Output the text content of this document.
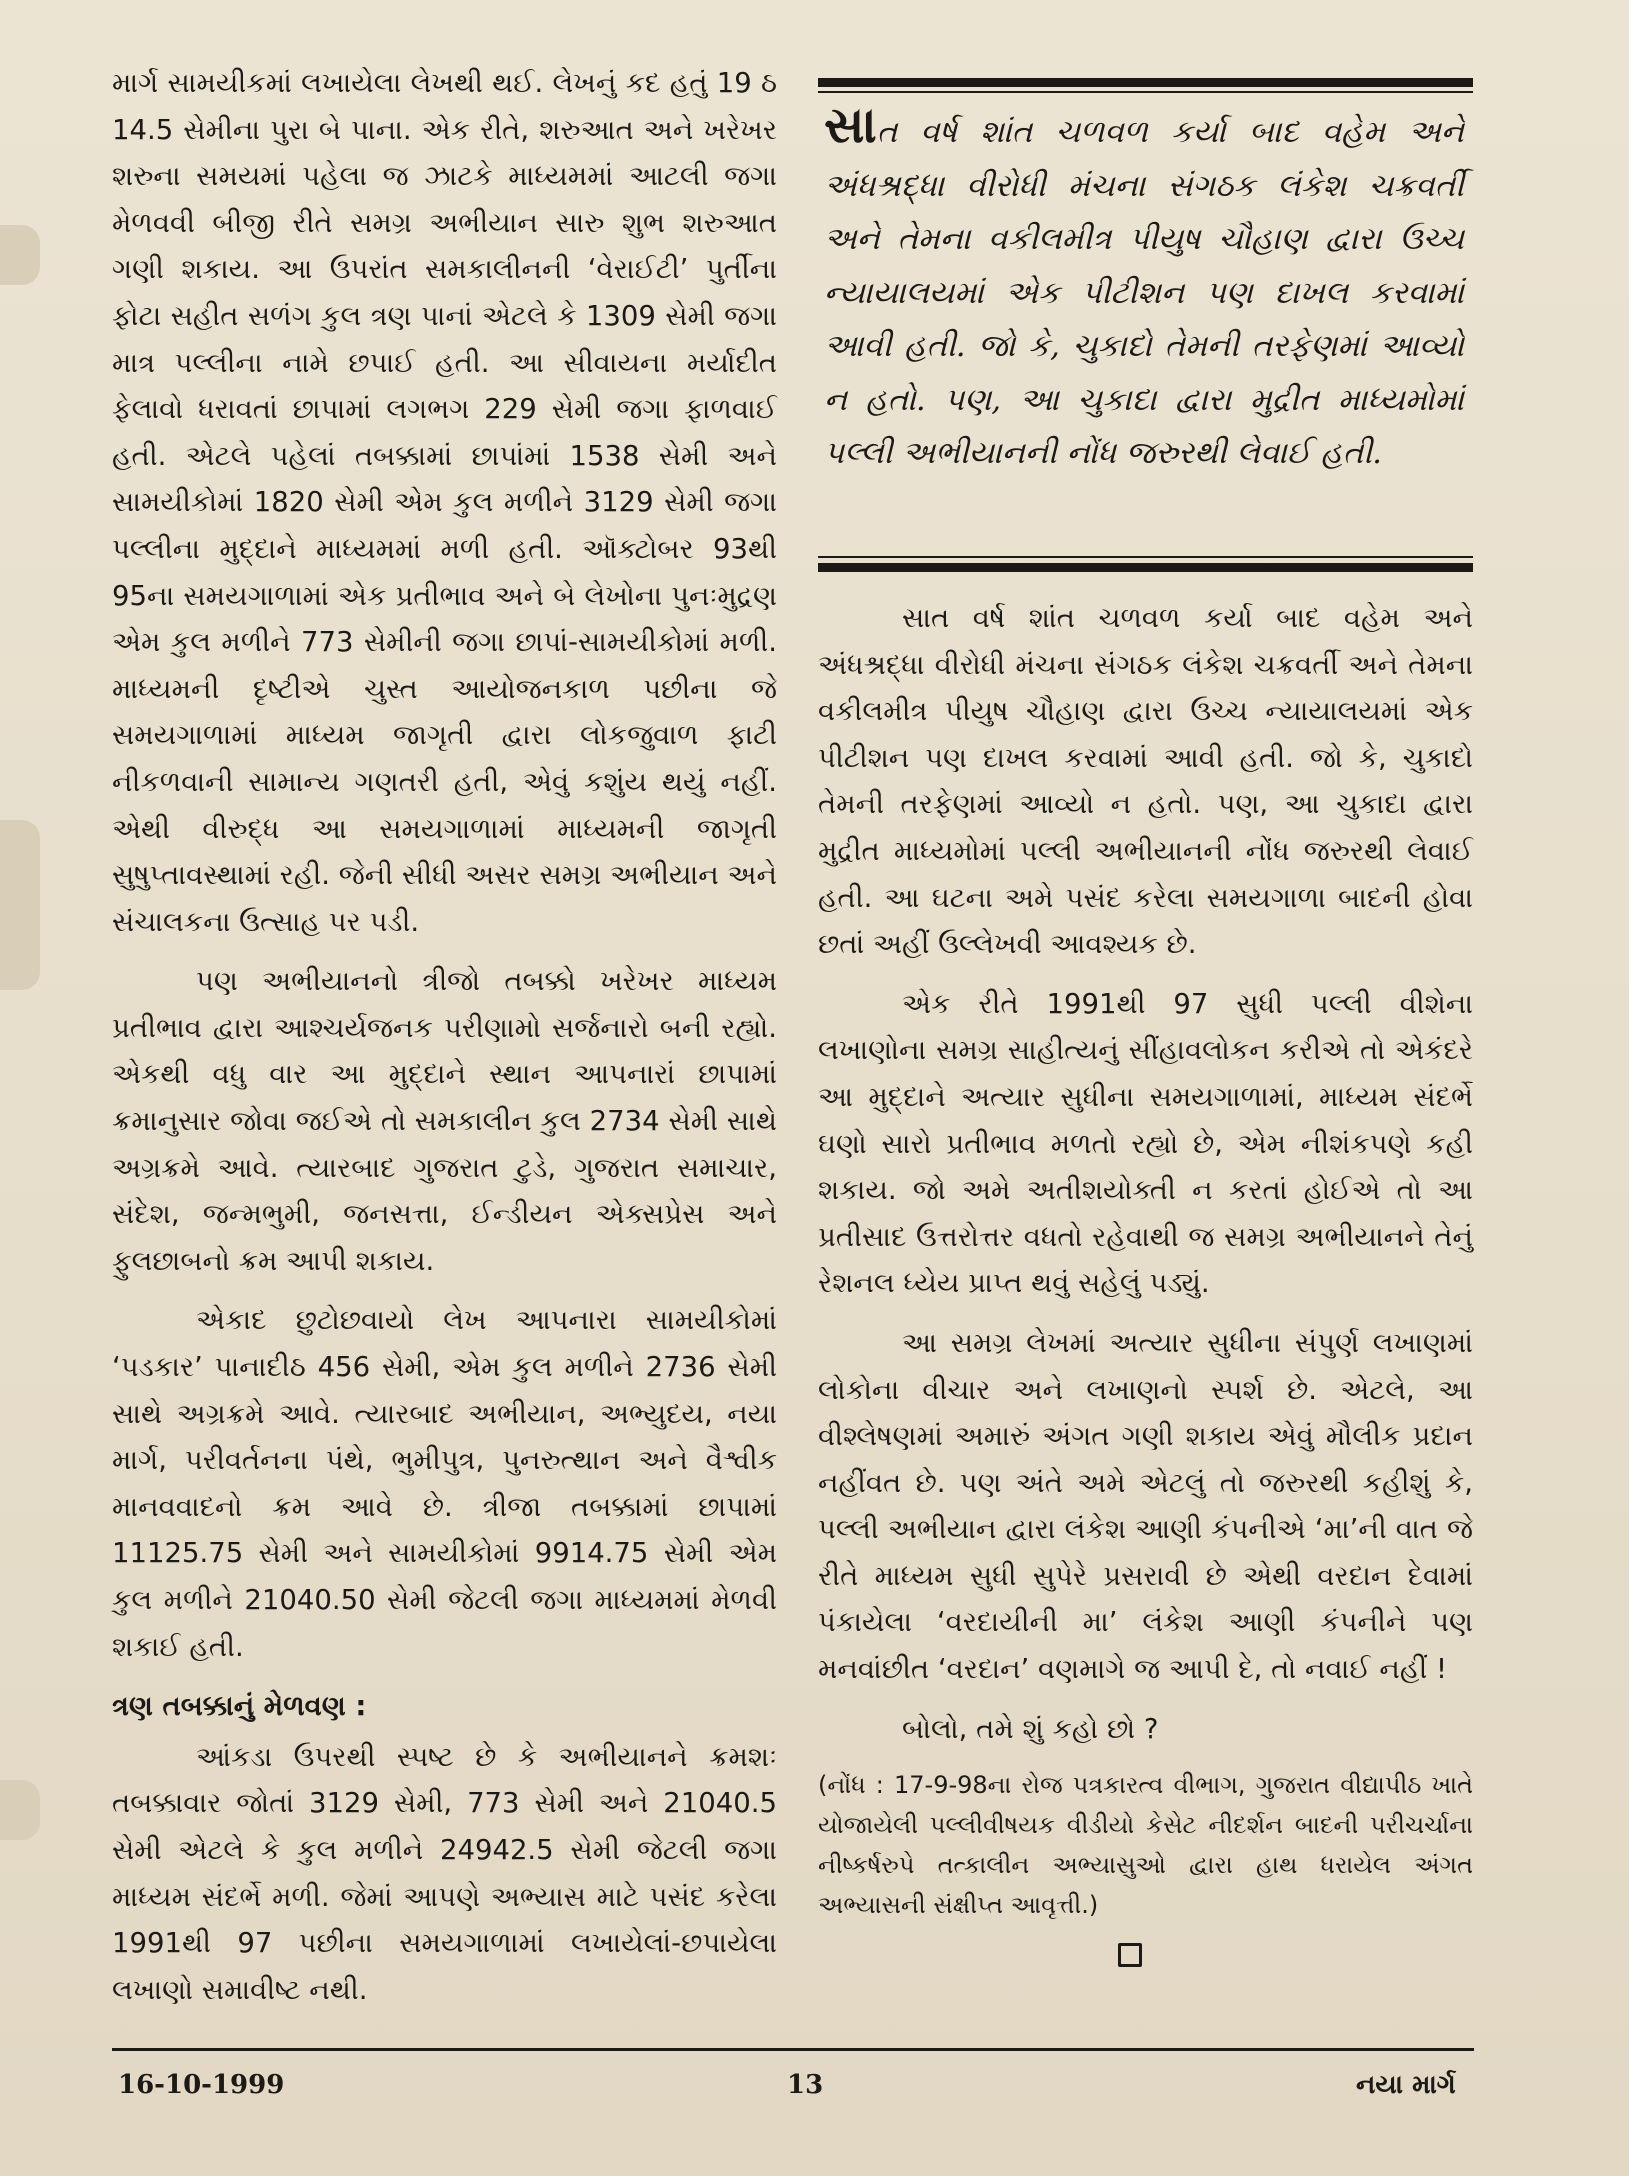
માર્ગ સામયીકમાં લખાયેલા લેખથી થઈ. લેખનું કદ હતું 19 ઠ 14.5 સેમીના પુરા બે પાના. એક રીતે, શરુઆત અને ખરેખર શરુના સમયમાં પહેલા જ ઝાટકે માધ્યમમાં આટલી જગા મેળવવી બીજી રીતે સમગ્ર અભીયાન સારુ શુભ શરુઆત ગણી શકાય. આ ઉપરાંત સમકાલીનની ‘વેરાઈટી’ પુર્તીના ફોટા સહીત સળંગ કુલ ત્રણ પાનાં એટલે કે 1309 સેમી જગા માત્ર પલ્લીના નામે છપાઈ હતી. આ સીવાયના મર્યાદીત ફેલાવો ધરાવતાં છાપામાં લગભગ 229 સેમી જગા ફાળવાઈ હતી. એટલે પહેલાં તબક્કામાં છાપાંમાં 1538 સેમી અને સામયીકોમાં 1820 સેમી એમ કુલ મળીને 3129 સેમી જગા પલ્લીના મુદ્દાને માધ્યમમાં મળી હતી. ઑક્ટોબર 93થી 95ના સમયગાળામાં એક પ્રતીભાવ અને બે લેખોના પુનઃમુદ્રણ એમ કુલ મળીને 773 સેમીની જગા છાપાં-સામયીકોમાં મળી. માધ્યમની દૃષ્ટીએ ચુસ્ત આયોજનકાળ પછીના જે સમયગાળામાં માધ્યમ જાગૃતી દ્વારા લોકજુવાળ ફાટી નીકળવાની સામાન્ય ગણતરી હતી, એવું કશુંય થયું નહીં. એથી વીરુદ્ધ આ સમયગાળામાં માધ્યમની જાગૃતી સુષુપ્તાવસ્થામાં રહી. જેની સીધી અસર સમગ્ર અભીયાન અને સંચાલકના ઉત્સાહ પર પડી.

પણ અભીયાનનો ત્રીજો તબક્કો ખરેખર માધ્યમ પ્રતીભાવ દ્વારા આશ્ચર્યજનક પરીણામો સર્જનારો બની રહ્યો. એકથી વધુ વાર આ મુદ્દાને સ્થાન આપનારાં છાપામાં ક્રમાનુસાર જોવા જઈએ તો સમકાલીન કુલ 2734 સેમી સાથે અગ્રક્રમે આવે. ત્યારબાદ ગુજરાત ટુડે, ગુજરાત સમાચાર, સંદેશ, જન્મભુમી, જનસત્તા, ઈન્ડીયન એક્સપ્રેસ અને ફુલછાબનો ક્રમ આપી શકાય.

એકાદ છુટોછવાયો લેખ આપનારા સામયીકોમાં ‘પડકાર’ પાનાદીઠ 456 સેમી, એમ કુલ મળીને 2736 સેમી સાથે અગ્રક્રમે આવે. ત્યારબાદ અભીયાન, અભ્યુદય, નયા માર્ગ, પરીવર્તનના પંથે, ભુમીપુત્ર, પુનરુત્થાન અને વૈશ્વીક માનવવાદનો ક્રમ આવે છે. ત્રીજા તબક્કામાં છાપામાં 11125.75 સેમી અને સામયીકોમાં 9914.75 સેમી એમ કુલ મળીને 21040.50 સેમી જેટલી જગા માધ્યમમાં મેળવી શકાઈ હતી.

ત્રણ તબક્કાનું મેળવણ :

આંકડા ઉપરથી સ્પષ્ટ છે કે અભીયાનને ક્રમશઃ તબક્કાવાર જોતાં 3129 સેમી, 773 સેમી અને 21040.5 સેમી એટલે કે કુલ મળીને 24942.5 સેમી જેટલી જગા માધ્યમ સંદર્ભે મળી. જેમાં આપણે અભ્યાસ માટે પસંદ કરેલા 1991થી 97 પછીના સમયગાળામાં લખાયેલાં-છપાયેલા લખાણો સમાવીષ્ટ નથી.

સાત વર્ષ શાંત ચળવળ કર્યા બાદ વહેમ અને અંધશ્રદ્ધા વીરોધી મંચના સંગઠક લંકેશ ચક્રવર્તી અને તેમના વકીલમીત્ર પીયુષ ચૌહાણ દ્વારા ઉચ્ચ ન્યાયાલયમાં એક પીટીશન પણ દાખલ કરવામાં આવી હતી. જો કે, ચુકાદો તેમની તરફેણમાં આવ્યો ન હતો. પણ, આ ચુકાદા દ્વારા મુદ્રીત માધ્યમોમાં પલ્લી અભીયાનની નોંધ જરુરથી લેવાઈ હતી.

સાત વર્ષ શાંત ચળવળ કર્યા બાદ વહેમ અને અંધશ્રદ્ધા વીરોધી મંચના સંગઠક લંકેશ ચક્રવર્તી અને તેમના વકીલમીત્ર પીયુષ ચૌહાણ દ્વારા ઉચ્ચ ન્યાયાલયમાં એક પીટીશન પણ દાખલ કરવામાં આવી હતી. જો કે, ચુકાદો તેમની તરફેણમાં આવ્યો ન હતો. પણ, આ ચુકાદા દ્વારા મુદ્રીત માધ્યમોમાં પલ્લી અભીયાનની નોંધ જરુરથી લેવાઈ હતી. આ ઘટના અમે પસંદ કરેલા સમયગાળા બાદની હોવા છતાં અહીં ઉલ્લેખવી આવશ્યક છે.

એક રીતે 1991થી 97 સુધી પલ્લી વીશેના લખાણોના સમગ્ર સાહીત્યનું સીંહાવલોકન કરીએ તો એકંદરે આ મુદ્દાને અત્યાર સુધીના સમયગાળામાં, માધ્યમ સંદર્ભે ઘણો સારો પ્રતીભાવ મળતો રહ્યો છે, એમ નીશંકપણે કહી શકાય. જો અમે અતીશયોક્તી ન કરતાં હોઈએ તો આ પ્રતીસાદ ઉત્તરોત્તર વધતો રહેવાથી જ સમગ્ર અભીયાનને તેનું રેશનલ ધ્યેય પ્રાપ્ત થવું સહેલું પડ્યું.

આ સમગ્ર લેખમાં અત્યાર સુધીના સંપુર્ણ લખાણમાં લોકોના વીચાર અને લખાણનો સ્પર્શ છે. એટલે, આ વીશ્લેષણમાં અમારું અંગત ગણી શકાય એવું મૌલીક પ્રદાન નહીંવત છે. પણ અંતે અમે એટલું તો જરુરથી કહીશું કે, પલ્લી અભીયાન દ્વારા લંકેશ આણી કંપનીએ ‘મા’ની વાત જે રીતે માધ્યમ સુધી સુપેરે પ્રસરાવી છે એથી વરદાન દેવામાં પંકાયેલા ‘વરદાયીની મા’ લંકેશ આણી કંપનીને પણ મનવાંછીત ‘વરદાન’ વણમાગે જ આપી દે, તો નવાઈ નહીં !

બોલો, તમે શું કહો છો ?

(નોંધ : 17-9-98ના રોજ પત્રકારત્વ વીભાગ, ગુજરાત વીદ્યાપીઠ ખાતે યોજાયેલી પલ્લીવીષયક વીડીયો કેસેટ નીદર્શન બાદની પરીચર્ચાના નીષ્કર્ષરુપે તત્કાલીન અભ્યાસુઓ દ્વારા હાથ ધરાયેલ અંગત અભ્યાસની સંક્ષીપ્ત આવૃત્તી.)

16-10-1999	13	નયા માર્ગ
